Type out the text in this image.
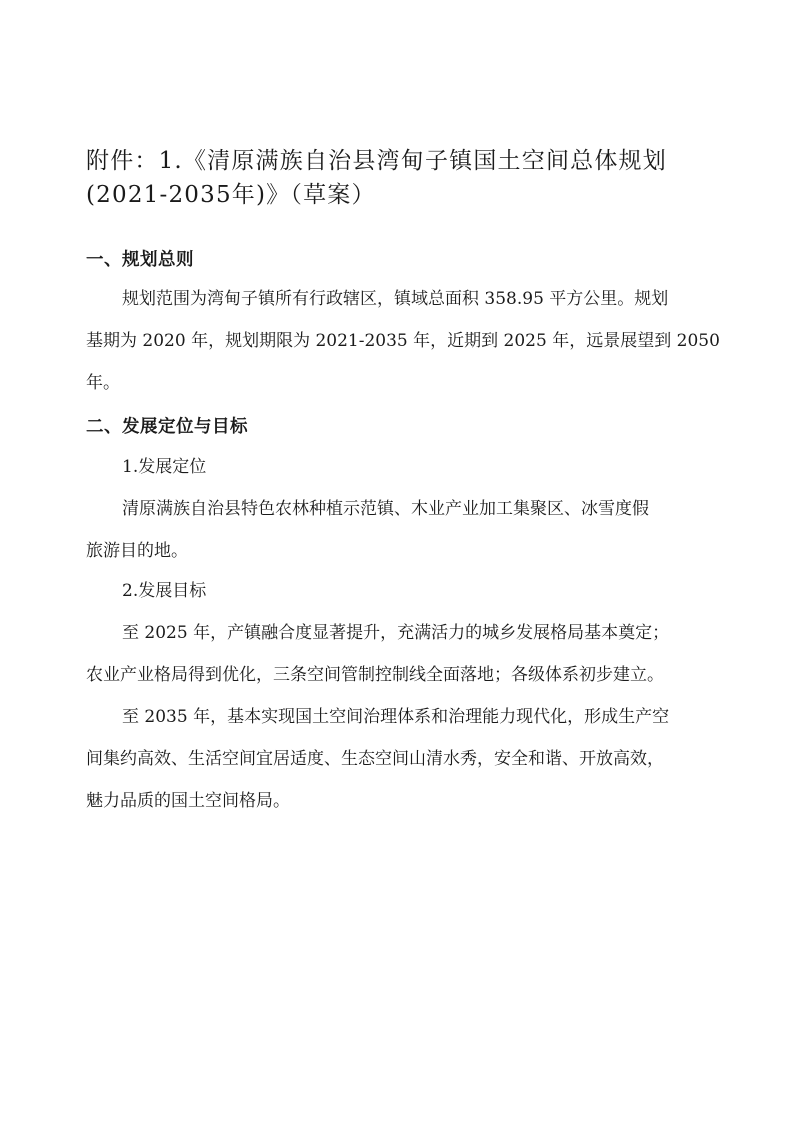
附件：1.《清原满族自治县湾甸子镇国土空间总体规划
(2021-2035年)》（草案）
一、规划总则
规划范围为湾甸子镇所有行政辖区，镇域总面积 358.95 平方公里。规划
基期为 2020 年，规划期限为 2021-2035 年，近期到 2025 年，远景展望到 2050
年。
二、发展定位与目标

1.发展定位

清原满族自治县特色农林种植示范镇、木业产业加工集聚区、冰雪度假
旅游目的地。

2.发展目标

至 2025 年，产镇融合度显著提升，充满活力的城乡发展格局基本奠定；
农业产业格局得到优化，三条空间管制控制线全面落地；各级体系初步建立。
至 2035 年，基本实现国土空间治理体系和治理能力现代化，形成生产空
间集约高效、生活空间宜居适度、生态空间山清水秀，安全和谐、开放高效，
魅力品质的国土空间格局。
